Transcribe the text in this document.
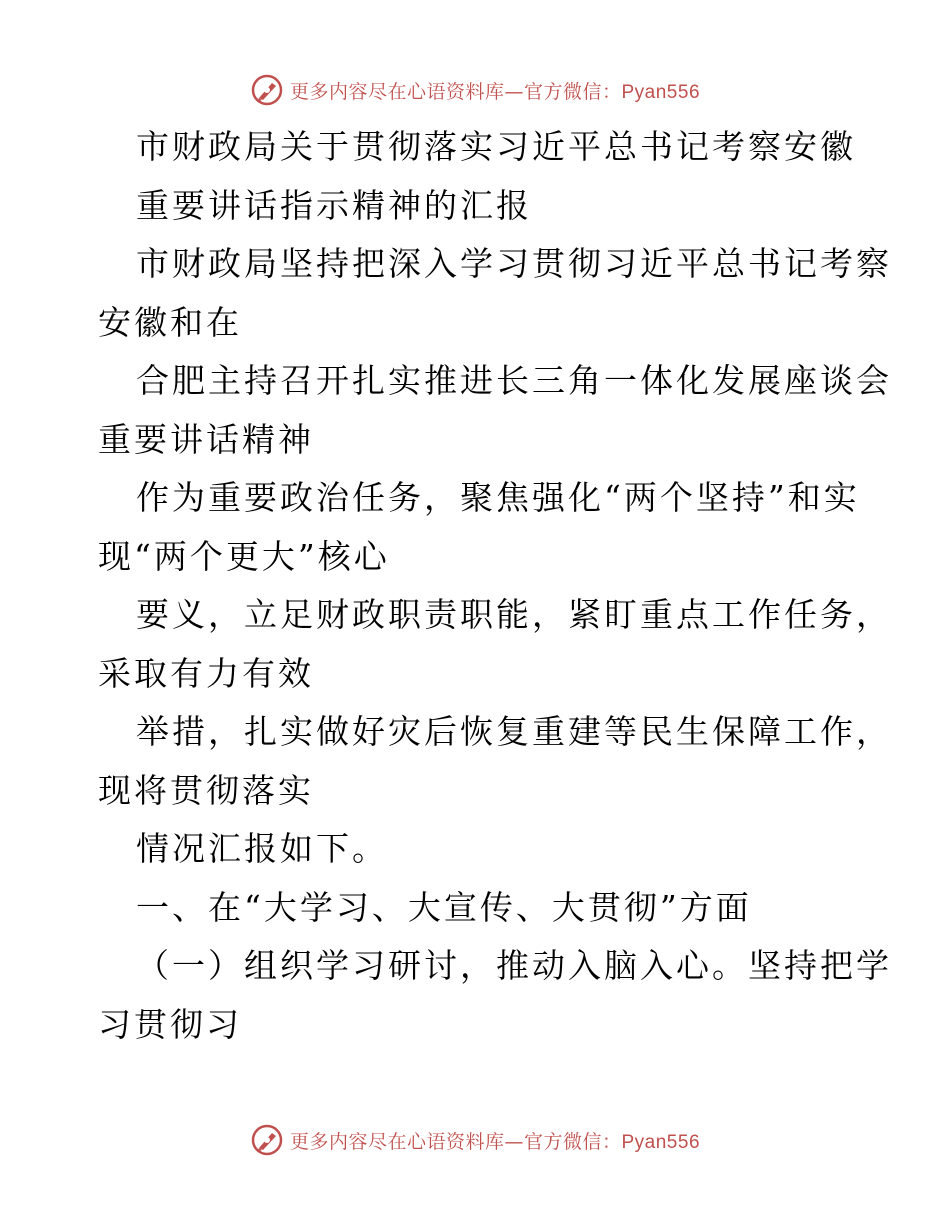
更多内容尽在心语资料库—官方微信：Pyan556

市财政局关于贯彻落实习近平总书记考察安徽

重要讲话指示精神的汇报

市财政局坚持把深入学习贯彻习近平总书记考察

安徽和在

合肥主持召开扎实推进长三角一体化发展座谈会

重要讲话精神

作为重要政治任务，聚焦强化“两个坚持”和实

现“两个更大”核心

要义，立足财政职责职能，紧盯重点工作任务，

采取有力有效

举措，扎实做好灾后恢复重建等民生保障工作，

现将贯彻落实

情况汇报如下。

一、在“大学习、大宣传、大贯彻”方面

（一）组织学习研讨，推动入脑入心。坚持把学

习贯彻习

更多内容尽在心语资料库—官方微信：Pyan556
